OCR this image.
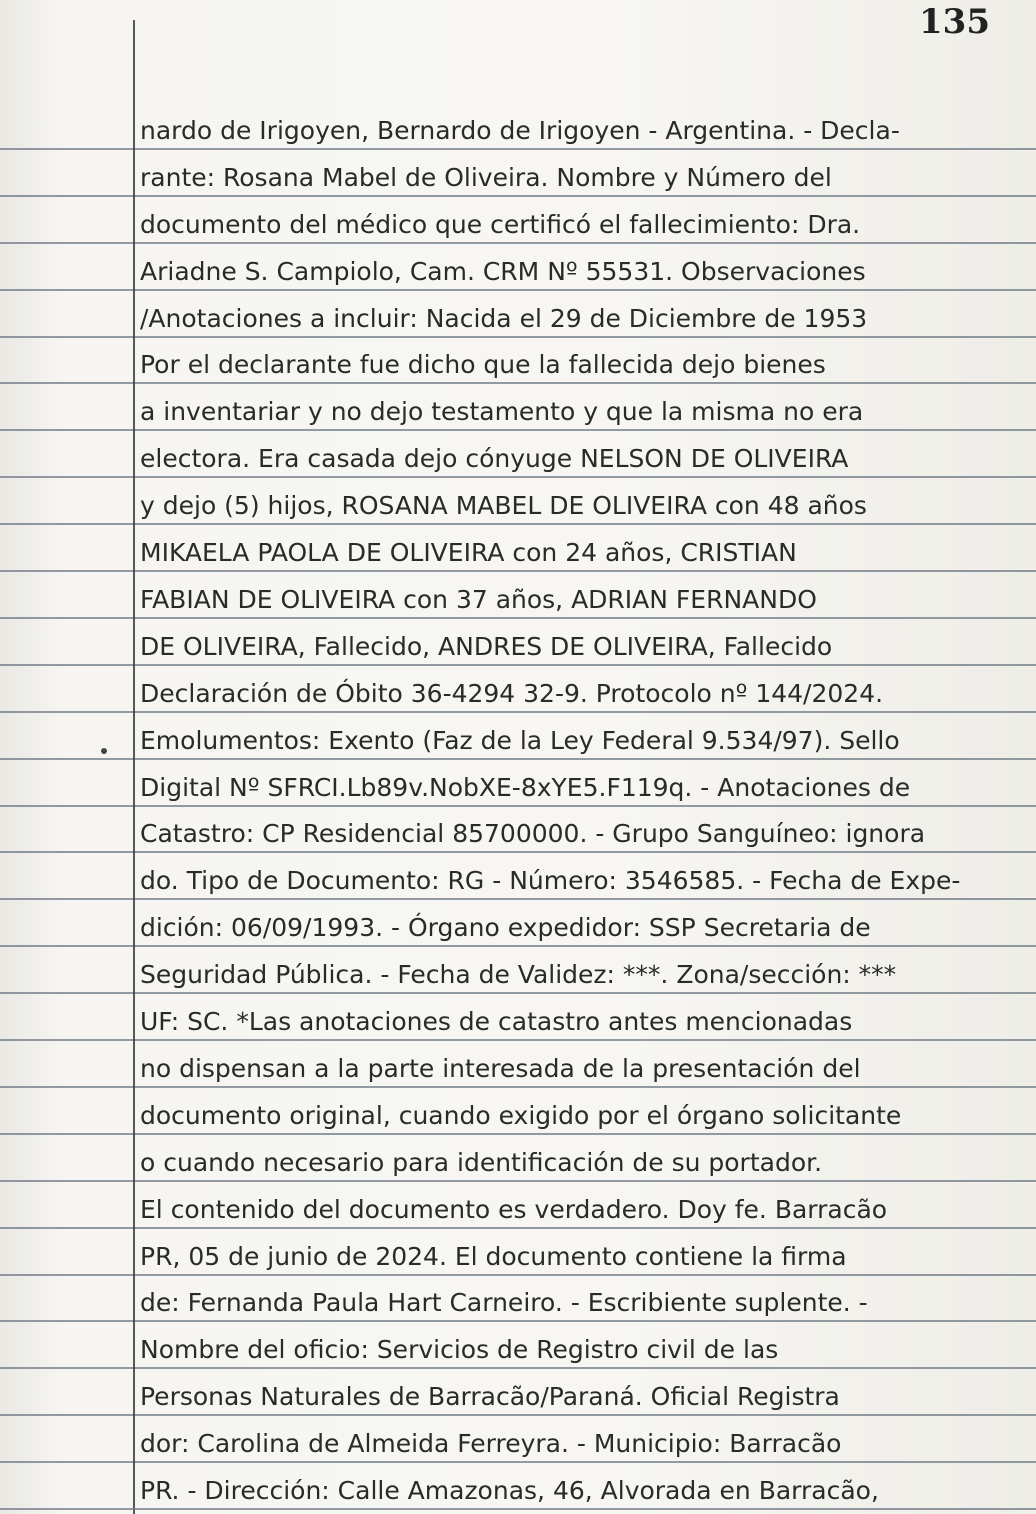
135
nardo de Irigoyen, Bernardo de Irigoyen - Argentina. - Decla-
rante: Rosana Mabel de Oliveira. Nombre y Número del
documento del médico que certificó el fallecimiento: Dra.
Ariadne S. Campiolo, Cam. CRM Nº 55531. Observaciones
/Anotaciones a incluir: Nacida el 29 de Diciembre de 1953
Por el declarante fue dicho que la fallecida dejo bienes
a inventariar y no dejo testamento y que la misma no era
electora. Era casada dejo cónyuge NELSON DE OLIVEIRA
y dejo (5) hijos, ROSANA MABEL DE OLIVEIRA con 48 años
MIKAELA PAOLA DE OLIVEIRA con 24 años, CRISTIAN
FABIAN DE OLIVEIRA con 37 años, ADRIAN FERNANDO
DE OLIVEIRA, Fallecido, ANDRES DE OLIVEIRA, Fallecido
Declaración de Óbito 36-4294 32-9. Protocolo nº 144/2024.
Emolumentos: Exento (Faz de la Ley Federal 9.534/97). Sello
Digital Nº SFRCI.Lb89v.NobXE-8xYE5.F119q. - Anotaciones de
Catastro: CP Residencial 85700000. - Grupo Sanguíneo: ignora
do. Tipo de Documento: RG - Número: 3546585. - Fecha de Expe-
dición: 06/09/1993. - Órgano expedidor: SSP Secretaria de
Seguridad Pública. - Fecha de Validez: ***. Zona/sección: ***
UF: SC. *Las anotaciones de catastro antes mencionadas
no dispensan a la parte interesada de la presentación del
documento original, cuando exigido por el órgano solicitante
o cuando necesario para identificación de su portador.
El contenido del documento es verdadero. Doy fe. Barracão
PR, 05 de junio de 2024. El documento contiene la firma
de: Fernanda Paula Hart Carneiro. - Escribiente suplente. -
Nombre del oficio: Servicios de Registro civil de las
Personas Naturales de Barracão/Paraná. Oficial Registra
dor: Carolina de Almeida Ferreyra. - Municipio: Barracão
PR. - Dirección: Calle Amazonas, 46, Alvorada en Barracão,
